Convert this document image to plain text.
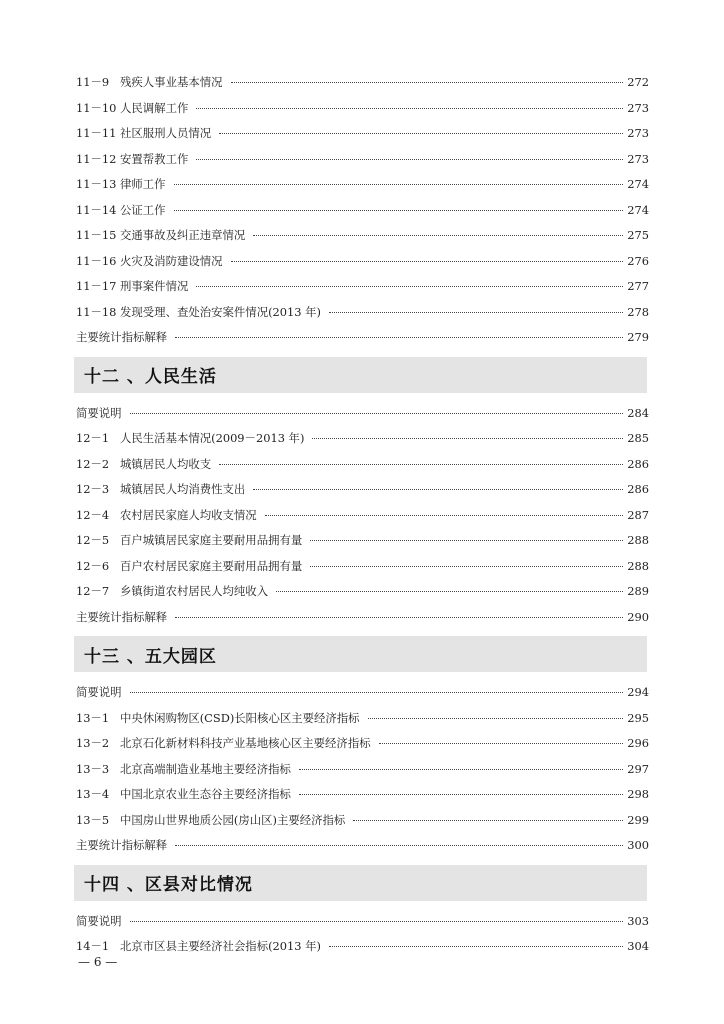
11－9 残疾人事业基本情况	272
11－10 人民调解工作	273
11－11 社区服刑人员情况	273
11－12 安置帮教工作	273
11－13 律师工作	274
11－14 公证工作	274
11－15 交通事故及纠正违章情况	275
11－16 火灾及消防建设情况	276
11－17 刑事案件情况	277
11－18 发现受理、查处治安案件情况(2013 年)	278
主要统计指标解释	279
十二 、人民生活
简要说明	284
12－1 人民生活基本情况(2009－2013 年)	285
12－2 城镇居民人均收支	286
12－3 城镇居民人均消费性支出	286
12－4 农村居民家庭人均收支情况	287
12－5 百户城镇居民家庭主要耐用品拥有量	288
12－6 百户农村居民家庭主要耐用品拥有量	288
12－7 乡镇街道农村居民人均纯收入	289
主要统计指标解释	290
十三 、五大园区
简要说明	294
13－1 中央休闲购物区(CSD)长阳核心区主要经济指标	295
13－2 北京石化新材料科技产业基地核心区主要经济指标	296
13－3 北京高端制造业基地主要经济指标	297
13－4 中国北京农业生态谷主要经济指标	298
13－5 中国房山世界地质公园(房山区)主要经济指标	299
主要统计指标解释	300
十四 、区县对比情况
简要说明	303
14－1 北京市区县主要经济社会指标(2013 年)	304
— 6 —
